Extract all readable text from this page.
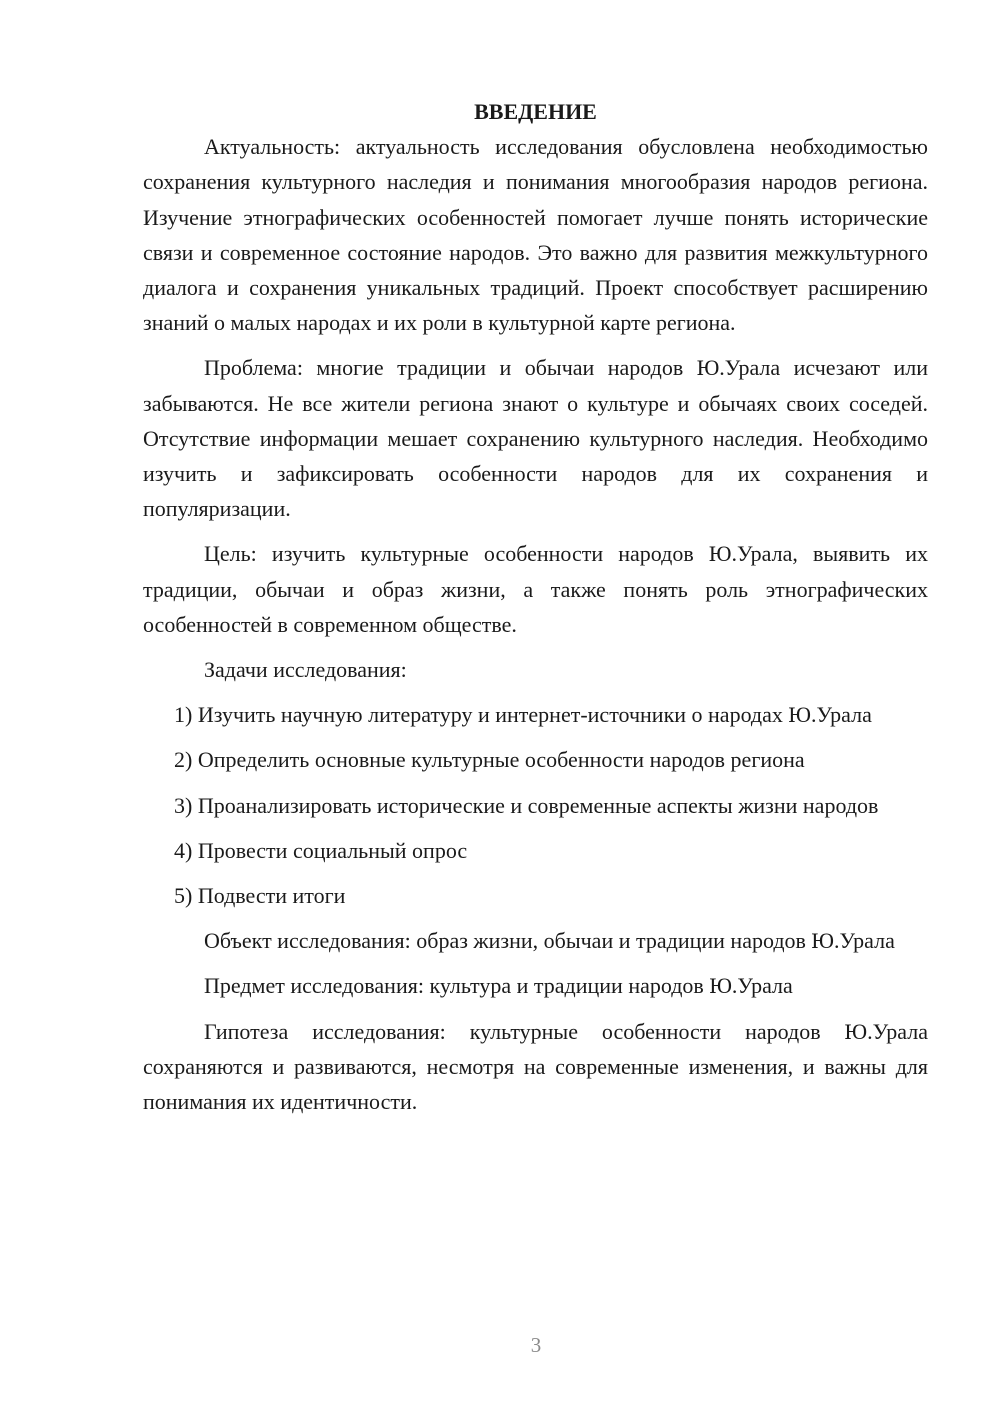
ВВЕДЕНИЕ

Актуальность: актуальность исследования обусловлена необходимостью сохранения культурного наследия и понимания многообразия народов региона. Изучение этнографических особенностей помогает лучше понять исторические связи и современное состояние народов. Это важно для развития межкультурного диалога и сохранения уникальных традиций. Проект способствует расширению знаний о малых народах и их роли в культурной карте региона.

Проблема: многие традиции и обычаи народов Ю.Урала исчезают или забываются. Не все жители региона знают о культуре и обычаях своих соседей. Отсутствие информации мешает сохранению культурного наследия. Необходимо изучить и зафиксировать особенности народов для их сохранения и популяризации.

Цель: изучить культурные особенности народов Ю.Урала, выявить их традиции, обычаи и образ жизни, а также понять роль этнографических особенностей в современном обществе.

Задачи исследования:

1) Изучить научную литературу и интернет-источники о народах Ю.Урала

2) Определить основные культурные особенности народов региона

3) Проанализировать исторические и современные аспекты жизни народов

4) Провести социальный опрос

5) Подвести итоги

Объект исследования: образ жизни, обычаи и традиции народов Ю.Урала

Предмет исследования: культура и традиции народов Ю.Урала

Гипотеза исследования: культурные особенности народов Ю.Урала сохраняются и развиваются, несмотря на современные изменения, и важны для понимания их идентичности.

3
